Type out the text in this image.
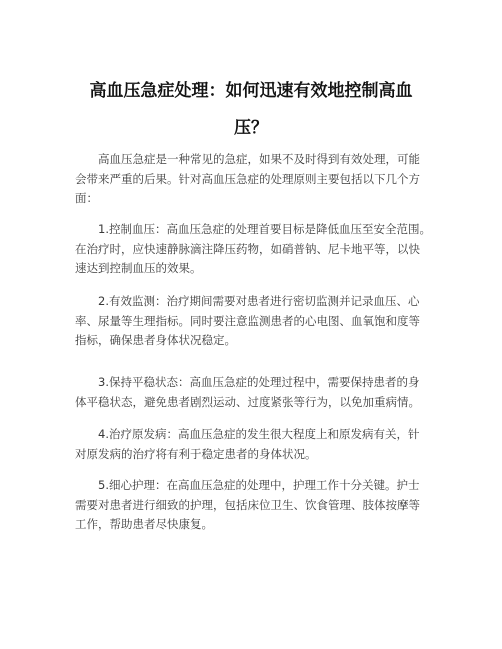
高血压急症处理：如何迅速有效地控制高血
压？

高血压急症是一种常见的急症，如果不及时得到有效处理，可能
会带来严重的后果。针对高血压急症的处理原则主要包括以下几个方
面：

1.控制血压：高血压急症的处理首要目标是降低血压至安全范围。
在治疗时，应快速静脉滴注降压药物，如硝普钠、尼卡地平等，以快
速达到控制血压的效果。

2.有效监测：治疗期间需要对患者进行密切监测并记录血压、心
率、尿量等生理指标。同时要注意监测患者的心电图、血氧饱和度等
指标，确保患者身体状况稳定。

3.保持平稳状态：高血压急症的处理过程中，需要保持患者的身
体平稳状态，避免患者剧烈运动、过度紧张等行为，以免加重病情。

4.治疗原发病：高血压急症的发生很大程度上和原发病有关，针
对原发病的治疗将有利于稳定患者的身体状况。

5.细心护理：在高血压急症的处理中，护理工作十分关键。护士
需要对患者进行细致的护理，包括床位卫生、饮食管理、肢体按摩等
工作，帮助患者尽快康复。
